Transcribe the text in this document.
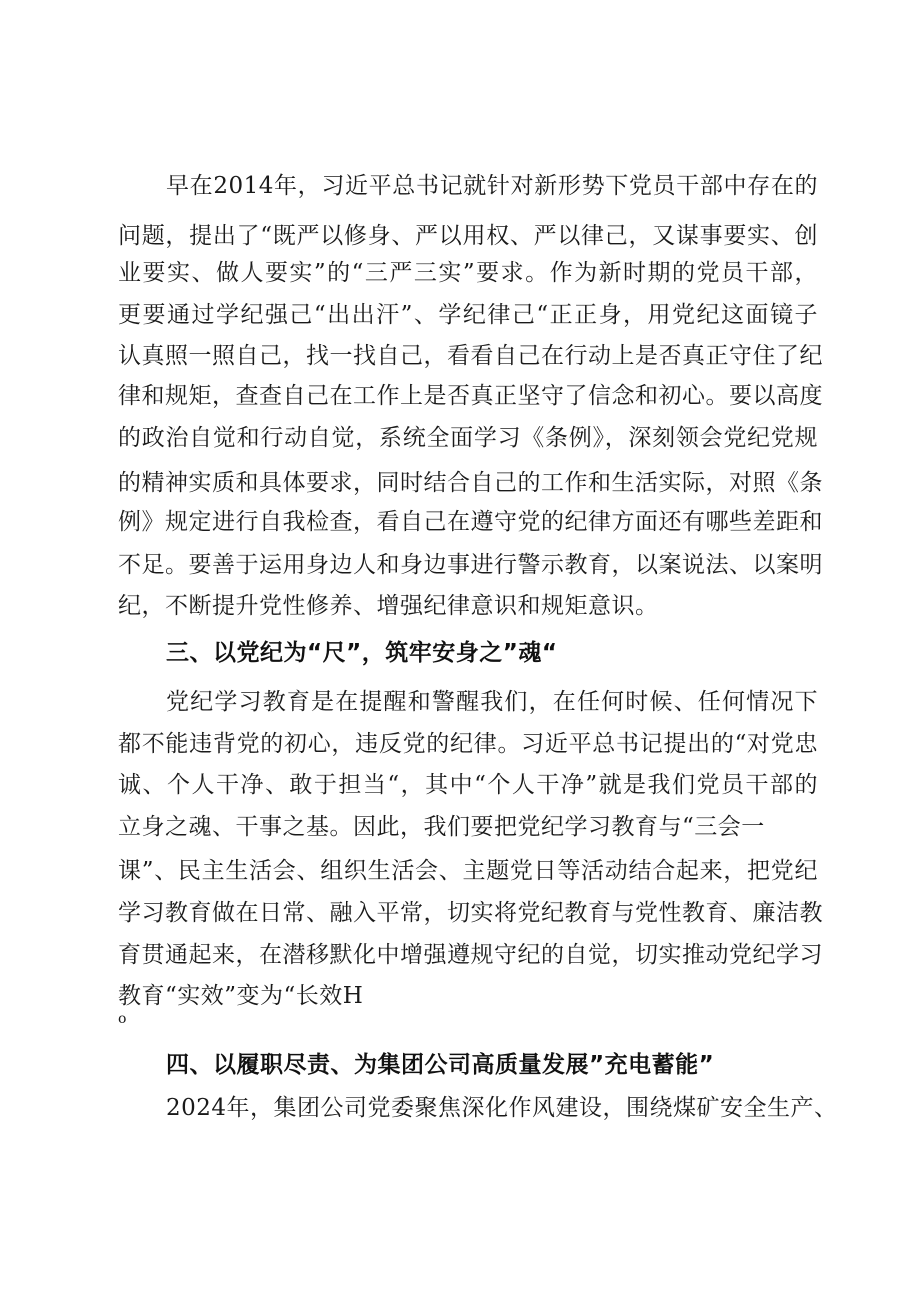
早在2014年，习近平总书记就针对新形势下党员干部中存在的

问题，提出了“既严以修身、严以用权、严以律己，又谋事要实、创

业要实、做人要实”的“三严三实”要求。作为新时期的党员干部，

更要通过学纪强己“出出汗”、学纪律己“正正身，用党纪这面镜子

认真照一照自己，找一找自己，看看自己在行动上是否真正守住了纪

律和规矩，查查自己在工作上是否真正坚守了信念和初心。要以高度

的政治自觉和行动自觉，系统全面学习《条例》，深刻领会党纪党规

的精神实质和具体要求，同时结合自己的工作和生活实际，对照《条

例》规定进行自我检查，看自己在遵守党的纪律方面还有哪些差距和

不足。要善于运用身边人和身边事进行警示教育，以案说法、以案明

纪，不断提升党性修养、增强纪律意识和规矩意识。

三、以党纪为“尺”，筑牢安身之”魂“

党纪学习教育是在提醒和警醒我们，在任何时候、任何情况下

都不能违背党的初心，违反党的纪律。习近平总书记提出的“对党忠

诚、个人干净、敢于担当“，其中“个人干净”就是我们党员干部的

立身之魂、干事之基。因此，我们要把党纪学习教育与“三会一

课”、民主生活会、组织生活会、主题党日等活动结合起来，把党纪

学习教育做在日常、融入平常，切实将党纪教育与党性教育、廉洁教

育贯通起来，在潜移默化中增强遵规守纪的自觉，切实推动党纪学习

教育“实效”变为“长效H

o
四、以履职尽责、为集团公司高质量发展”充电蓄能”

2024年，集团公司党委聚焦深化作风建设，围绕煤矿安全生产、
